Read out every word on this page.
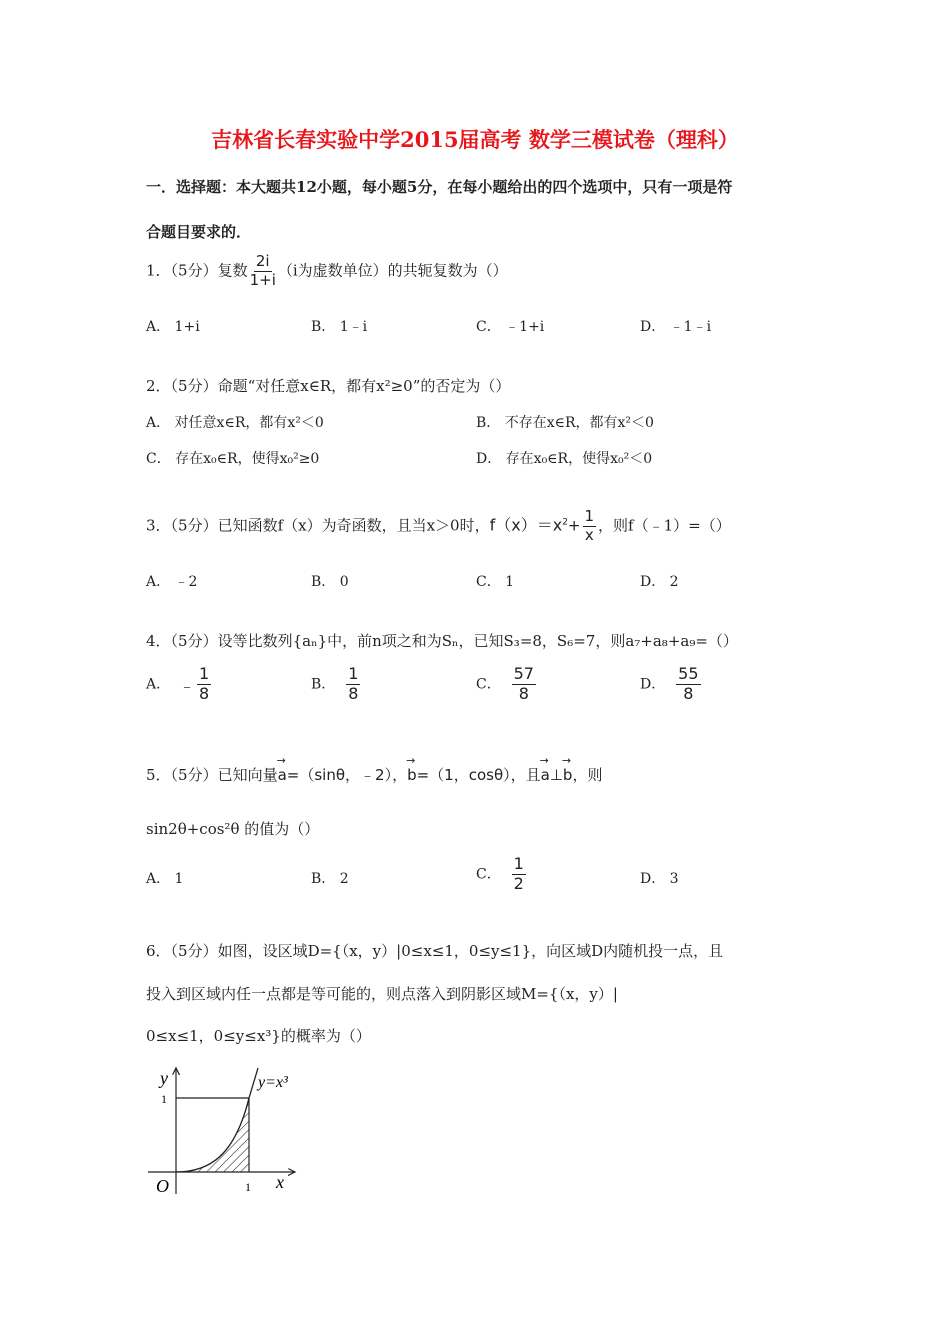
吉林省长春实验中学2015届高考 数学三模试卷（理科）
一．选择题：本大题共12小题，每小题5分，在每小题给出的四个选项中，只有一项是符
合题目要求的．
1．（5分）复数 $\frac{2i}{1+i} (i$为虚数单位）的共轭复数为（）
A． 1+i	B． 1﹣i	C． ﹣1+i	D． ﹣1﹣i
2．（5分）命题“对任意x∈R，都有x²≥0”的否定为（）
A． 对任意x∈R，都有x²＜0	B． 不存在x∈R，都有x²＜0
C． 存在x₀∈R，使得x₀²≥0	D． 存在x₀∈R，使得x₀²＜0
3．（5分）已知函数f（x）为奇函数，且当x＞0时，$f(x)=x^2+ \frac{1}{x}$ ，则f（﹣1）=（）
A． ﹣2	B． 0	C． 1	D． 2
4．（5分）设等比数列{aₙ}中，前n项之和为Sₙ，已知S₃=8，S₆=7，则a₇+a₈+a₉=（）
A． ﹣ $\frac{1}{8}$	B． $\frac{1}{8}$	C． $\frac{57}{8}$	D． $\frac{55}{8}$
5．（5分）已知向量→ a=（sinθ，﹣2），→ b=（1，cosθ），且→ a⊥→ b，则
sin2θ+cos²θ 的值为（）
A． 1	B． 2	C． $\frac{1}{2}$	D． 3
6．（5分）如图，设区域D={（x，y）|0≤x≤1，0≤y≤1}，向区域D内随机投一点，且
投入到区域内任一点都是等可能的，则点落入到阴影区域M={（x，y）|
0≤x≤1，0≤y≤x³}的概率为（）
y
1
O	1 x
y=x³
